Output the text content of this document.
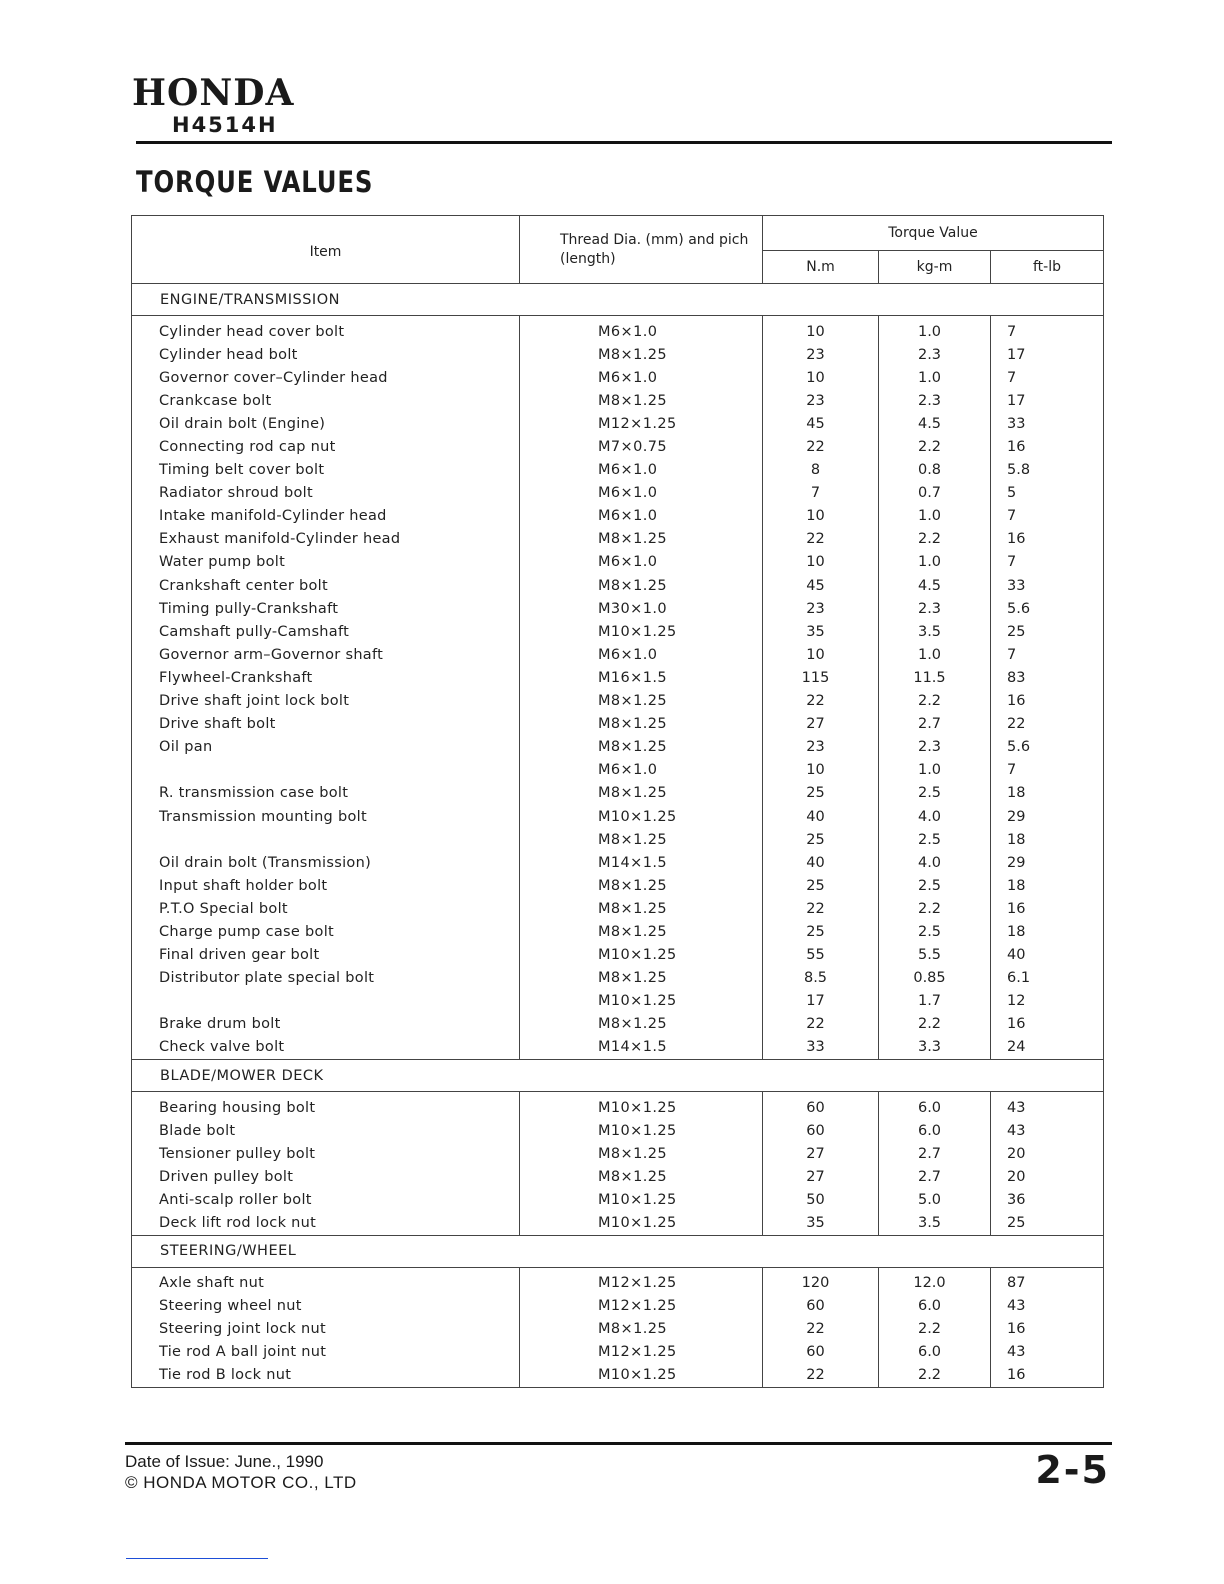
HONDA
H4514H
TORQUE VALUES
Item	Thread Dia. (mm) and pich (length)	Torque Value		
		N.m	kg-m	ft-lb
ENGINE/TRANSMISSION				

Cylinder head cover bolt	M6×1.0	10	1.0	7
Cylinder head bolt	M8×1.25	23	2.3	17
Governor cover–Cylinder head	M6×1.0	10	1.0	7
Crankcase bolt	M8×1.25	23	2.3	17
Oil drain bolt (Engine)	M12×1.25	45	4.5	33
Connecting rod cap nut	M7×0.75	22	2.2	16
Timing belt cover bolt	M6×1.0	8	0.8	5.8
Radiator shroud bolt	M6×1.0	7	0.7	5
Intake manifold-Cylinder head	M6×1.0	10	1.0	7
Exhaust manifold-Cylinder head	M8×1.25	22	2.2	16
Water pump bolt	M6×1.0	10	1.0	7
Crankshaft center bolt	M8×1.25	45	4.5	33
Timing pully-Crankshaft	M30×1.0	23	2.3	5.6
Camshaft pully-Camshaft	M10×1.25	35	3.5	25
Governor arm–Governor shaft	M6×1.0	10	1.0	7
Flywheel-Crankshaft	M16×1.5	115	11.5	83
Drive shaft joint lock bolt	M8×1.25	22	2.2	16
Drive shaft bolt	M8×1.25	27	2.7	22
Oil pan	M8×1.25	23	2.3	5.6
	M6×1.0	10	1.0	7
R. transmission case bolt	M8×1.25	25	2.5	18
Transmission mounting bolt	M10×1.25	40	4.0	29
	M8×1.25	25	2.5	18
Oil drain bolt (Transmission)	M14×1.5	40	4.0	29
Input shaft holder bolt	M8×1.25	25	2.5	18
P.T.O Special bolt	M8×1.25	22	2.2	16
Charge pump case bolt	M8×1.25	25	2.5	18
Final driven gear bolt	M10×1.25	55	5.5	40
Distributor plate special bolt	M8×1.25	8.5	0.85	6.1
	M10×1.25	17	1.7	12
Brake drum bolt	M8×1.25	22	2.2	16
Check valve bolt	M14×1.5	33	3.3	24
BLADE/MOWER DECK				

Bearing housing bolt	M10×1.25	60	6.0	43
Blade bolt	M10×1.25	60	6.0	43
Tensioner pulley bolt	M8×1.25	27	2.7	20
Driven pulley bolt	M8×1.25	27	2.7	20
Anti-scalp roller bolt	M10×1.25	50	5.0	36
Deck lift rod lock nut	M10×1.25	35	3.5	25
STEERING/WHEEL				

Axle shaft nut	M12×1.25	120	12.0	87
Steering wheel nut	M12×1.25	60	6.0	43
Steering joint lock nut	M8×1.25	22	2.2	16
Tie rod A ball joint nut	M12×1.25	60	6.0	43
Tie rod B lock nut	M10×1.25	22	2.2	16
Date of Issue: June., 1990
© HONDA MOTOR CO., LTD	2-5
